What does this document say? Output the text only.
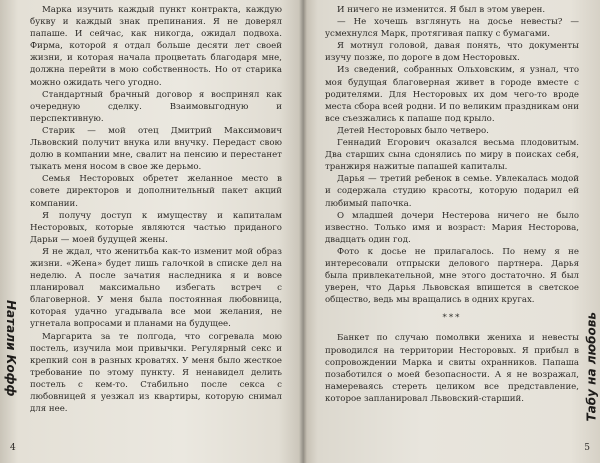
Марка изучить каждый пункт контракта, каждую букву и каждый знак препинания. Я не доверял папаше. И сейчас, как никогда, ожидал подвоха. Фирма, которой я отдал больше десяти лет своей жизни, и которая начала процветать благодаря мне, должна перейти в мою собственность. Но от старика можно ожидать чего угодно.

Стандартный брачный договор я воспринял как очередную сделку. Взаимовыгодную и перспективную.

Старик — мой отец Дмитрий Максимович Львовский получит внука или внучку. Передаст свою долю в компании мне, свалит на пенсию и перестанет тыкать меня носом в свое же дерьмо.

Семья Несторовых обретет желанное место в совете директоров и дополнительный пакет акций компании.

Я получу доступ к имуществу и капиталам Несторовых, которые являются частью приданого Дарьи — моей будущей жены.

Я не ждал, что женитьба как-то изменит мой образ жизни. «Жена» будет лишь галочкой в списке дел на неделю. А после зачатия наследника я и вовсе планировал максимально избегать встреч с благоверной. У меня была постоянная любовница, которая удачно угадывала все мои желания, не угнетала вопросами и планами на будущее.

Маргарита за те полгода, что согревала мою постель, изучила мои привычки. Регулярный секс и крепкий сон в разных кроватях. У меня было жесткое требование по этому пункту. Я ненавидел делить постель с кем-то. Стабильно после секса с любовницей я уезжал из квартиры, которую снимал для нее.

Натали Кофф
4

И ничего не изменится. Я был в этом уверен.

— Не хочешь взглянуть на досье невесты? — усмехнулся Марк, протягивая папку с бумагами.

Я мотнул головой, давая понять, что документы изучу позже, по дороге в дом Несторовых.

Из сведений, собранных Ольховским, я узнал, что моя будущая благоверная живет в городе вместе с родителями. Для Несторовых их дом чего-то вроде места сбора всей родни. И по великим праздникам они все съезжались к папаше под крыло.

Детей Несторовых было четверо.

Геннадий Егорович оказался весьма плодовитым. Два старших сына сдонялись по миру в поисках себя, транжиря нажитые папашей капиталы.

Дарья — третий ребенок в семье. Увлекалась модой и содержала студию красоты, которую подарил ей любимый папочка.

О младшей дочери Нестерова ничего не было известно. Только имя и возраст: Мария Несторова, двадцать один год.

Фото к досье не прилагалось. По нему я не интересовали отпрыски делового партнера. Дарья была привлекательной, мне этого достаточно. Я был уверен, что Дарья Львовская впишется в светское общество, ведь мы вращались в одних кругах.

***

Банкет по случаю помолвки жениха и невесты проводился на территории Несторовых. Я прибыл в сопровождении Марка и свиты охранников. Папаша позаботился о моей безопасности. А я не возражал, намереваясь стереть целиком все представление, которое запланировал Львовский-старший.	Табу на любовь
5
